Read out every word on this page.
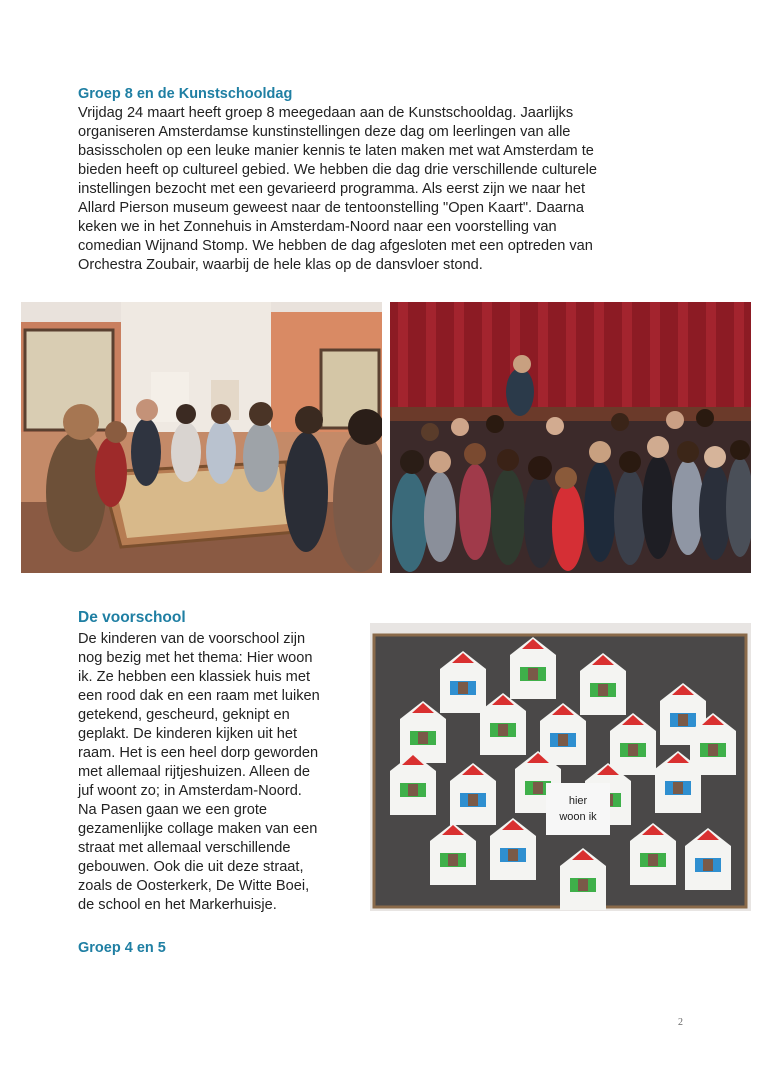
Groep 8 en de Kunstschooldag
Vrijdag 24 maart heeft groep 8 meegedaan aan de Kunstschooldag. Jaarlijks
organiseren Amsterdamse kunstinstellingen deze dag om leerlingen van alle
basisscholen op een leuke manier kennis te laten maken met wat Amsterdam te
bieden heeft op cultureel gebied. We hebben die dag drie verschillende culturele
instellingen bezocht met een gevarieerd programma. Als eerst zijn we naar het
Allard Pierson museum geweest naar de tentoonstelling "Open Kaart". Daarna
keken we in het Zonnehuis in Amsterdam-Noord naar een voorstelling van
comedian Wijnand Stomp. We hebben de dag afgesloten met een optreden van
Orchestra Zoubair, waarbij de hele klas op de dansvloer stond.
De voorschool
De kinderen van de voorschool zijn
nog bezig met het thema: Hier woon
ik. Ze hebben een klassiek huis met
een rood dak en een raam met luiken
getekend, gescheurd, geknipt en
geplakt. De kinderen kijken uit het
raam. Het is een heel dorp geworden
met allemaal rijtjeshuizen. Alleen de
juf woont zo; in Amsterdam-Noord.
Na Pasen gaan we een grote
gezamenlijke collage maken van een
straat met allemaal verschillende
gebouwen. Ook die uit deze straat,
zoals de Oosterkerk, De Witte Boei,
de school en het Markerhuisje.
hier
woon ik
Groep 4 en 5
2
